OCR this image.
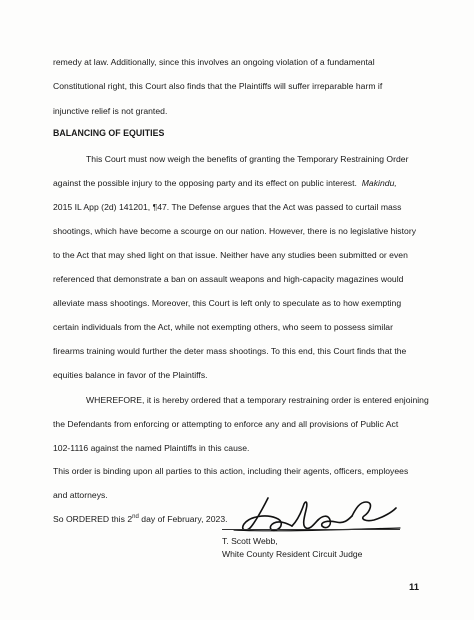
remedy at law. Additionally, since this involves an ongoing violation of a fundamental
Constitutional right, this Court also finds that the Plaintiffs will suffer irreparable harm if
injunctive relief is not granted.
BALANCING OF EQUITIES
This Court must now weigh the benefits of granting the Temporary Restraining Order
against the possible injury to the opposing party and its effect on public interest. Makindu,
2015 IL App (2d) 141201, ¶47. The Defense argues that the Act was passed to curtail mass
shootings, which have become a scourge on our nation. However, there is no legislative history
to the Act that may shed light on that issue. Neither have any studies been submitted or even
referenced that demonstrate a ban on assault weapons and high-capacity magazines would
alleviate mass shootings. Moreover, this Court is left only to speculate as to how exempting
certain individuals from the Act, while not exempting others, who seem to possess similar
firearms training would further the deter mass shootings. To this end, this Court finds that the
equities balance in favor of the Plaintiffs.
WHEREFORE, it is hereby ordered that a temporary restraining order is entered enjoining
the Defendants from enforcing or attempting to enforce any and all provisions of Public Act
102-1116 against the named Plaintiffs in this cause.
This order is binding upon all parties to this action, including their agents, officers, employees
and attorneys.
So ORDERED this 2nd day of February, 2023.
T. Scott Webb,
White County Resident Circuit Judge
11
